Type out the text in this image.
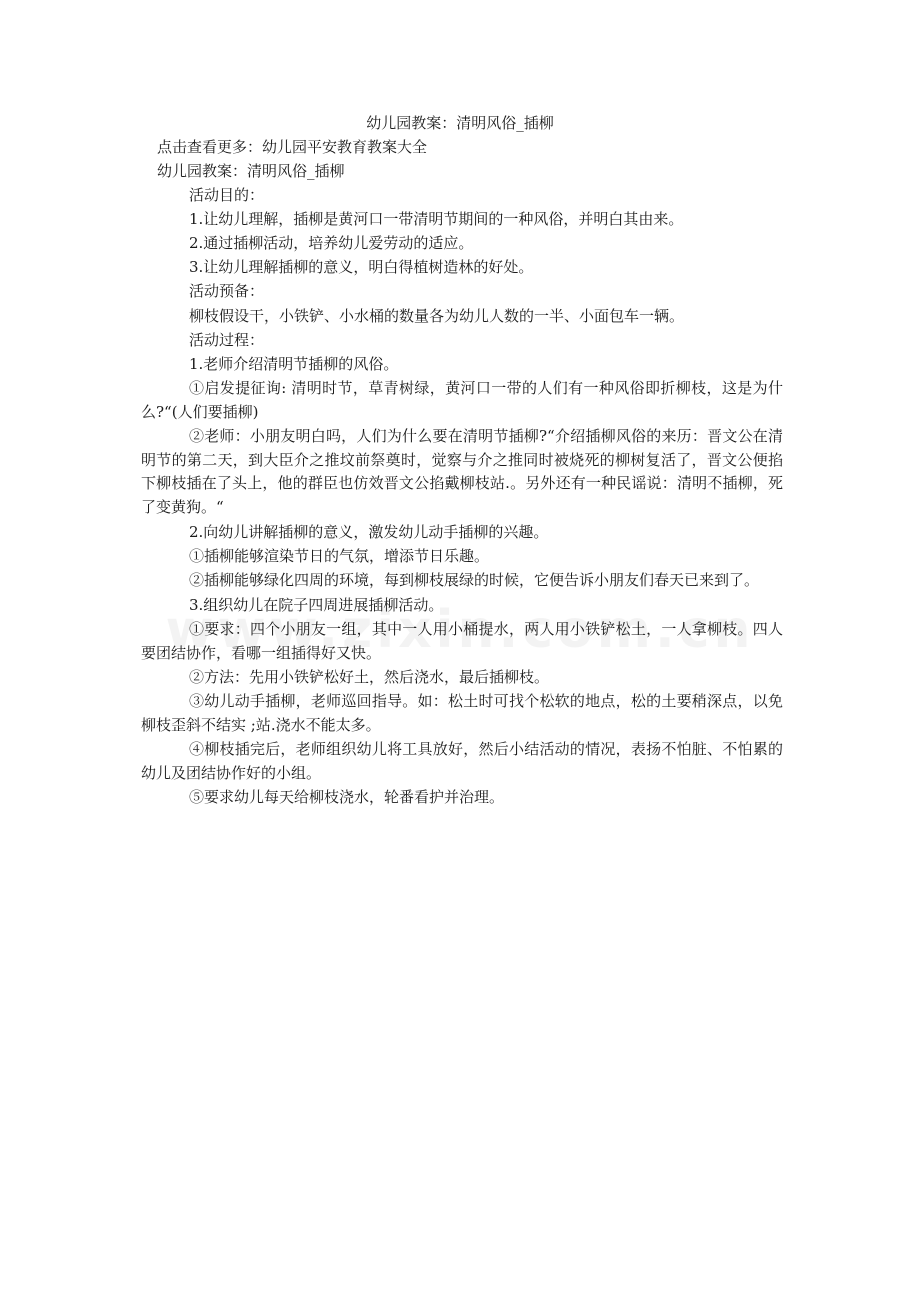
幼儿园教案：清明风俗_插柳
点击查看更多：幼儿园平安教育教案大全
幼儿园教案：清明风俗_插柳
活动目的：
1.让幼儿理解，插柳是黄河口一带清明节期间的一种风俗，并明白其由来。
2.通过插柳活动，培养幼儿爱劳动的适应。
3.让幼儿理解插柳的意义，明白得植树造林的好处。
活动预备：
柳枝假设干，小铁铲、小水桶的数量各为幼儿人数的一半、小面包车一辆。
活动过程：
1.老师介绍清明节插柳的风俗。
①启发提征询: 清明时节，草青树绿，黄河口一带的人们有一种风俗即折柳枝，这是为什么?“(人们要插柳)
②老师：小朋友明白吗，人们为什么要在清明节插柳?“介绍插柳风俗的来历：晋文公在清明节的第二天，到大臣介之推坟前祭奠时，觉察与介之推同时被烧死的柳树复活了，晋文公便掐下柳枝插在了头上，他的群臣也仿效晋文公掐戴柳枝站.。另外还有一种民谣说：清明不插柳，死了变黄狗。“
2.向幼儿讲解插柳的意义，激发幼儿动手插柳的兴趣。
①插柳能够渲染节日的气氛，增添节日乐趣。
②插柳能够绿化四周的环境，每到柳枝展绿的时候，它便告诉小朋友们春天已来到了。
3.组织幼儿在院子四周进展插柳活动。
①要求：四个小朋友一组，其中一人用小桶提水，两人用小铁铲松土，一人拿柳枝。四人要团结协作，看哪一组插得好又快。
②方法：先用小铁铲松好土，然后浇水，最后插柳枝。
③幼儿动手插柳，老师巡回指导。如：松土时可找个松软的地点，松的土要稍深点，以免柳枝歪斜不结实 ;站.浇水不能太多。
④柳枝插完后，老师组织幼儿将工具放好，然后小结活动的情况，表扬不怕脏、不怕累的幼儿及团结协作好的小组。
⑤要求幼儿每天给柳枝浇水，轮番看护并治理。
